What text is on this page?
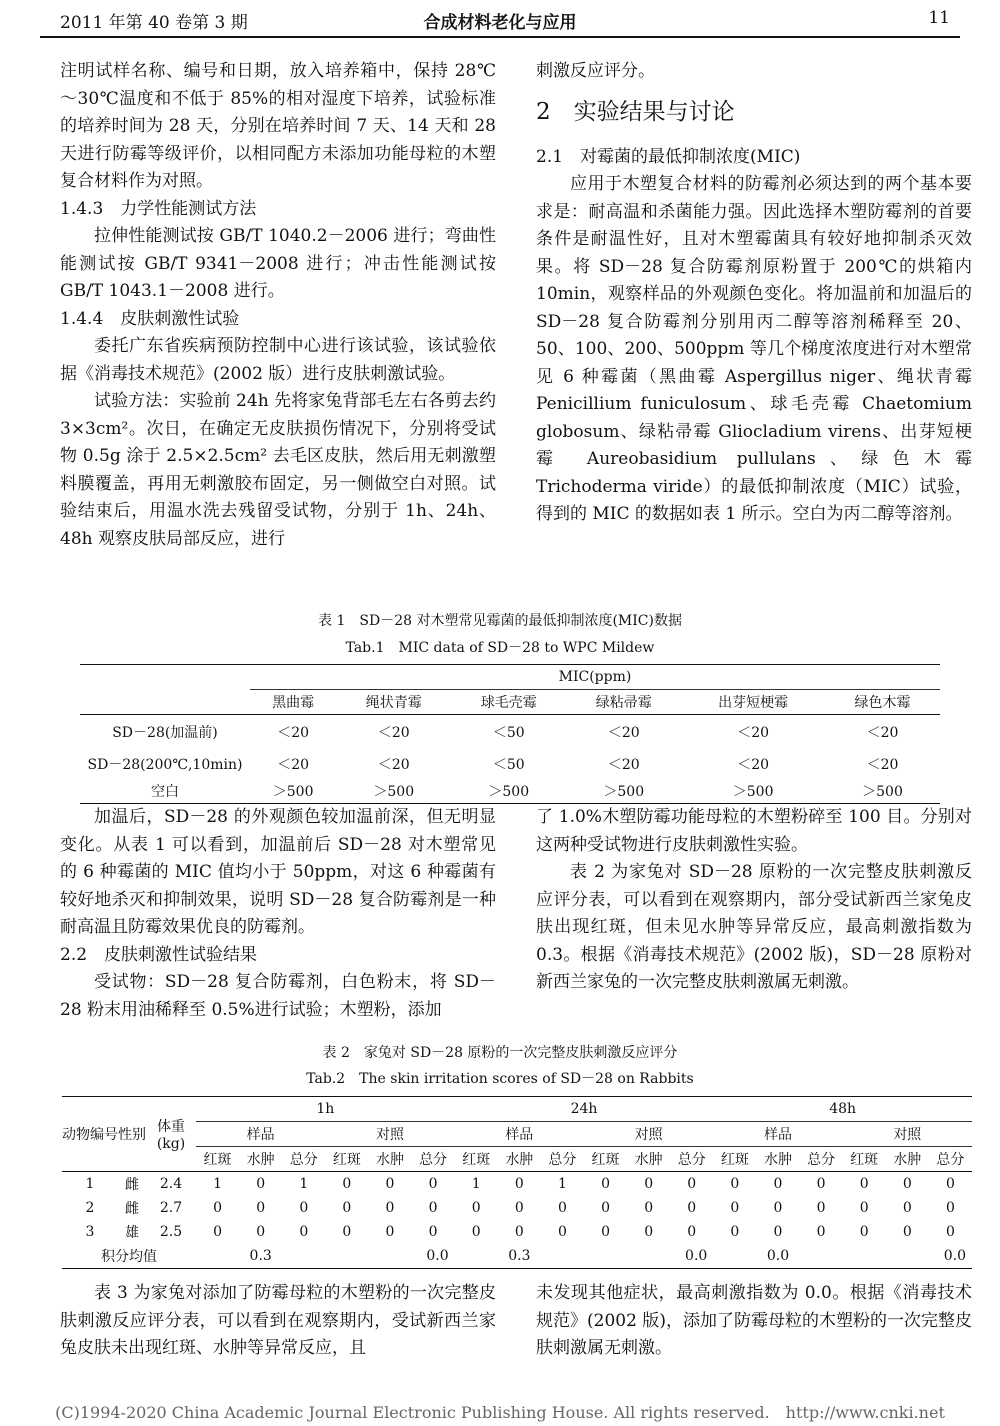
2011 年第 40 卷第 3 期	合成材料老化与应用	11

注明试样名称、编号和日期，放入培养箱中，保持 28℃～30℃温度和不低于 85%的相对湿度下培养，试验标准的培养时间为 28 天，分别在培养时间 7 天、14 天和 28 天进行防霉等级评价，以相同配方未添加功能母粒的木塑复合材料作为对照。

1.4.3　力学性能测试方法

拉伸性能测试按 GB/T 1040.2－2006 进行；弯曲性能测试按 GB/T 9341－2008 进行；冲击性能测试按 GB/T 1043.1－2008 进行。

1.4.4　皮肤刺激性试验

委托广东省疾病预防控制中心进行该试验，该试验依据《消毒技术规范》(2002 版）进行皮肤刺激试验。

试验方法：实验前 24h 先将家兔背部毛左右各剪去约 3×3cm²。次日，在确定无皮肤损伤情况下，分别将受试物 0.5g 涂于 2.5×2.5cm² 去毛区皮肤，然后用无刺激塑料膜覆盖，再用无刺激胶布固定，另一侧做空白对照。试验结束后，用温水洗去残留受试物，分别于 1h、24h、48h 观察皮肤局部反应，进行

刺激反应评分。

2　实验结果与讨论

2.1　对霉菌的最低抑制浓度(MIC)

应用于木塑复合材料的防霉剂必须达到的两个基本要求是：耐高温和杀菌能力强。因此选择木塑防霉剂的首要条件是耐温性好，且对木塑霉菌具有较好地抑制杀灭效果。将 SD－28 复合防霉剂原粉置于 200℃的烘箱内 10min，观察样品的外观颜色变化。将加温前和加温后的 SD－28 复合防霉剂分别用丙二醇等溶剂稀释至 20、50、100、200、500ppm 等几个梯度浓度进行对木塑常见 6 种霉菌（黑曲霉 Aspergillus niger、绳状青霉 Penicillium funiculosum、球毛壳霉 Chaetomium globosum、绿粘帚霉 Gliocladium virens、出芽短梗霉 Aureobasidium pullulans、绿色木霉 Trichoderma viride）的最低抑制浓度（MIC）试验，得到的 MIC 的数据如表 1 所示。空白为丙二醇等溶剂。

表 1　SD－28 对木塑常见霉菌的最低抑制浓度(MIC)数据
Tab.1　MIC data of SD－28 to WPC Mildew
	MIC(ppm)					
	黑曲霉	绳状青霉	球毛壳霉	绿粘帚霉	出芽短梗霉	绿色木霉
SD－28(加温前)	＜20	＜20	＜50	＜20	＜20	＜20
SD－28(200℃,10min)	＜20	＜20	＜50	＜20	＜20	＜20
空白	＞500	＞500	＞500	＞500	＞500	＞500

加温后，SD－28 的外观颜色较加温前深，但无明显变化。从表 1 可以看到，加温前后 SD－28 对木塑常见的 6 种霉菌的 MIC 值均小于 50ppm，对这 6 种霉菌有较好地杀灭和抑制效果，说明 SD－28 复合防霉剂是一种耐高温且防霉效果优良的防霉剂。

2.2　皮肤刺激性试验结果

受试物：SD－28 复合防霉剂，白色粉末，将 SD－28 粉末用油稀释至 0.5%进行试验；木塑粉，添加

了 1.0%木塑防霉功能母粒的木塑粉碎至 100 目。分别对这两种受试物进行皮肤刺激性实验。

表 2 为家兔对 SD－28 原粉的一次完整皮肤刺激反应评分表，可以看到在观察期内，部分受试新西兰家兔皮肤出现红斑，但未见水肿等异常反应，最高刺激指数为 0.3。根据《消毒技术规范》(2002 版)，SD－28 原粉对新西兰家兔的一次完整皮肤刺激属无刺激。

表 2　家兔对 SD－28 原粉的一次完整皮肤刺激反应评分
Tab.2　The skin irritation scores of SD－28 on Rabbits
动物编号	性别	体重(kg)	1h						24h						48h					
			样品			对照			样品			对照			样品			对照		
			红斑	水肿	总分	红斑	水肿	总分	红斑	水肿	总分	红斑	水肿	总分	红斑	水肿	总分	红斑	水肿	总分
1	雌	2.4	1	0	1	0	0	0	1	0	1	0	0	0	0	0	0	0	0	0
2	雌	2.7	0	0	0	0	0	0	0	0	0	0	0	0	0	0	0	0	0	0
3	雄	2.5	0	0	0	0	0	0	0	0	0	0	0	0	0	0	0	0	0	0
积分均值			0.3			0.0			0.3			0.0			0.0			0.0		

表 3 为家兔对添加了防霉母粒的木塑粉的一次完整皮肤刺激反应评分表，可以看到在观察期内，受试新西兰家兔皮肤未出现红斑、水肿等异常反应，且

未发现其他症状，最高刺激指数为 0.0。根据《消毒技术规范》(2002 版)，添加了防霉母粒的木塑粉的一次完整皮肤刺激属无刺激。

(C)1994-2020 China Academic Journal Electronic Publishing House. All rights reserved.　http://www.cnki.net
